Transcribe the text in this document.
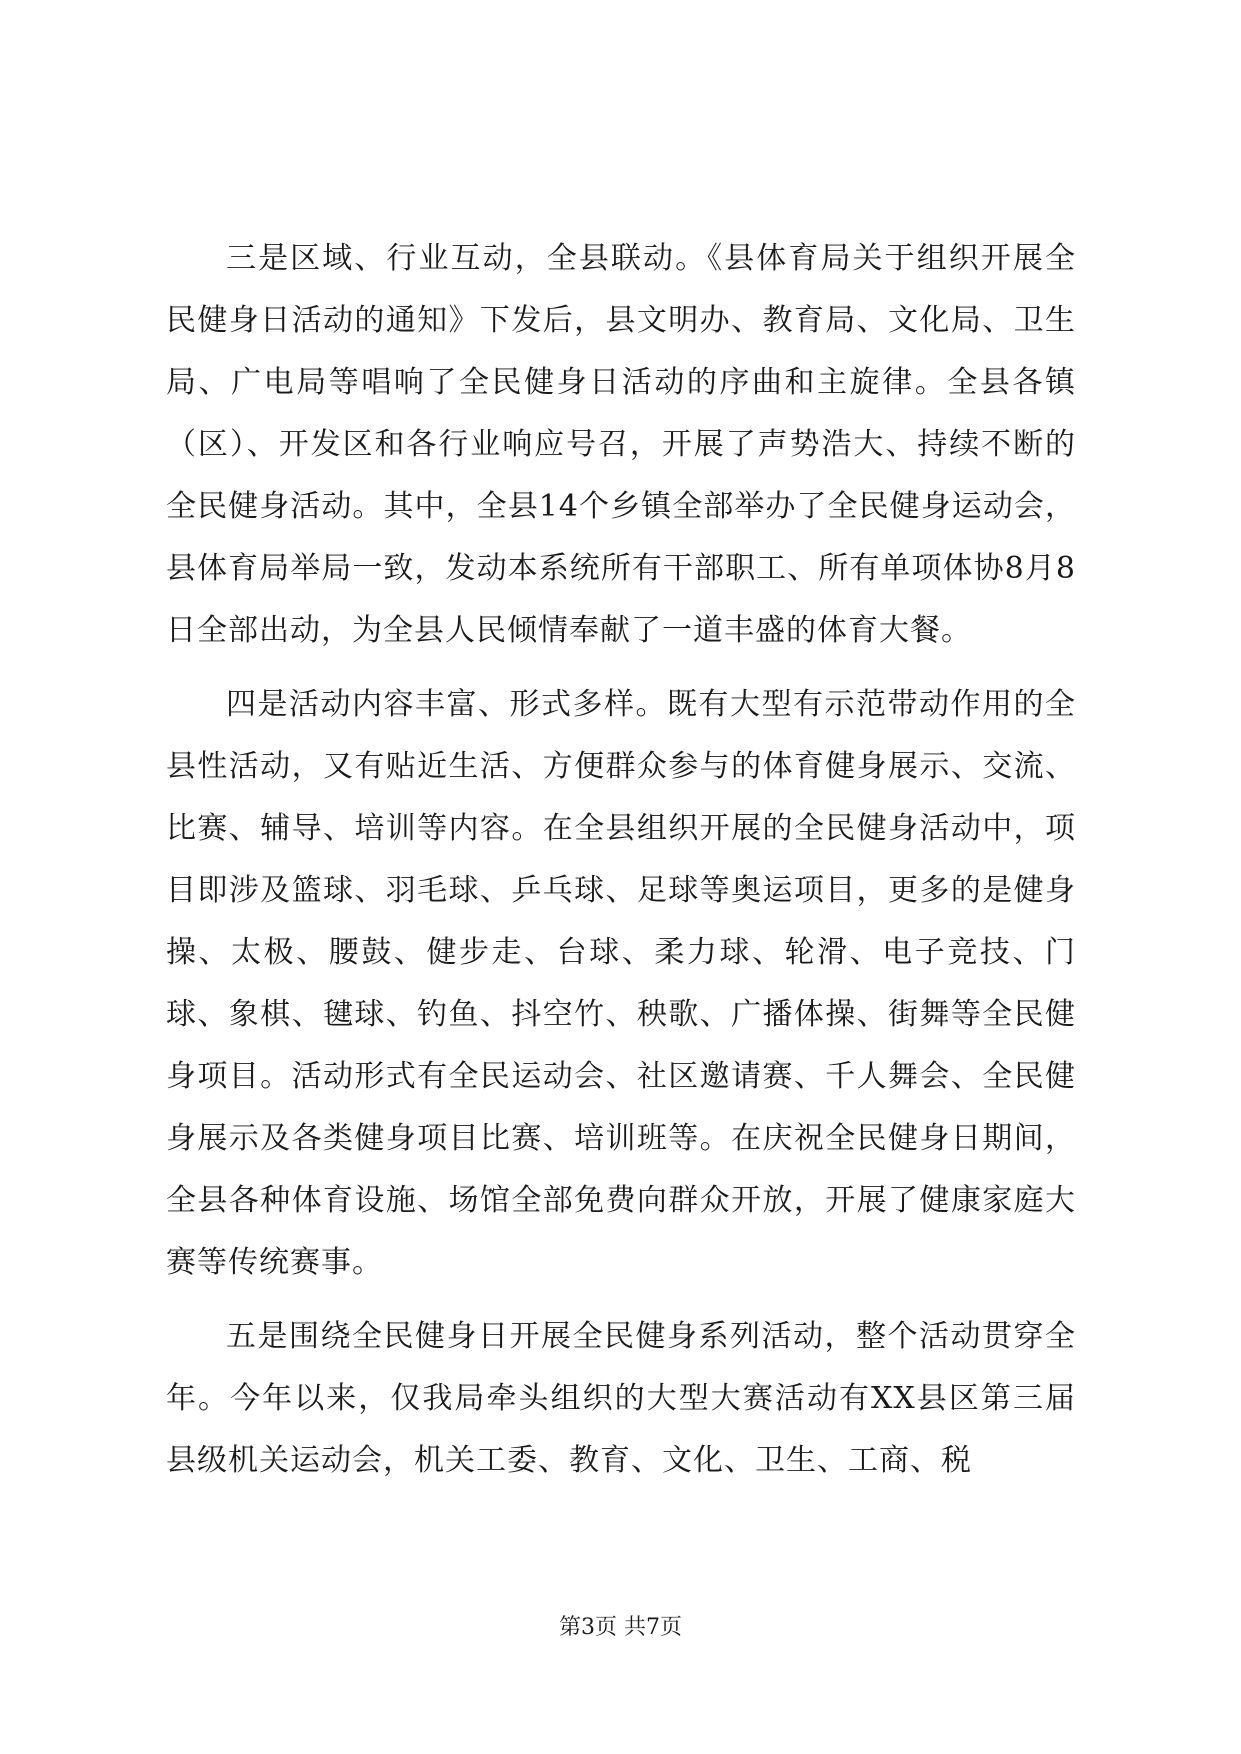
三是区域、行业互动，全县联动。《县体育局关于组织开展全民健身日活动的通知》下发后，县文明办、教育局、文化局、卫生局、广电局等唱响了全民健身日活动的序曲和主旋律。全县各镇（区）、开发区和各行业响应号召，开展了声势浩大、持续不断的全民健身活动。其中，全县14个乡镇全部举办了全民健身运动会，县体育局举局一致，发动本系统所有干部职工、所有单项体协8月8日全部出动，为全县人民倾情奉献了一道丰盛的体育大餐。

四是活动内容丰富、形式多样。既有大型有示范带动作用的全县性活动，又有贴近生活、方便群众参与的体育健身展示、交流、比赛、辅导、培训等内容。在全县组织开展的全民健身活动中，项目即涉及篮球、羽毛球、乒乓球、足球等奥运项目，更多的是健身操、太极、腰鼓、健步走、台球、柔力球、轮滑、电子竞技、门球、象棋、毽球、钓鱼、抖空竹、秧歌、广播体操、街舞等全民健身项目。活动形式有全民运动会、社区邀请赛、千人舞会、全民健身展示及各类健身项目比赛、培训班等。在庆祝全民健身日期间，全县各种体育设施、场馆全部免费向群众开放，开展了健康家庭大赛等传统赛事。

五是围绕全民健身日开展全民健身系列活动，整个活动贯穿全年。今年以来，仅我局牵头组织的大型大赛活动有XX县区第三届县级机关运动会，机关工委、教育、文化、卫生、工商、税

第3页 共7页
